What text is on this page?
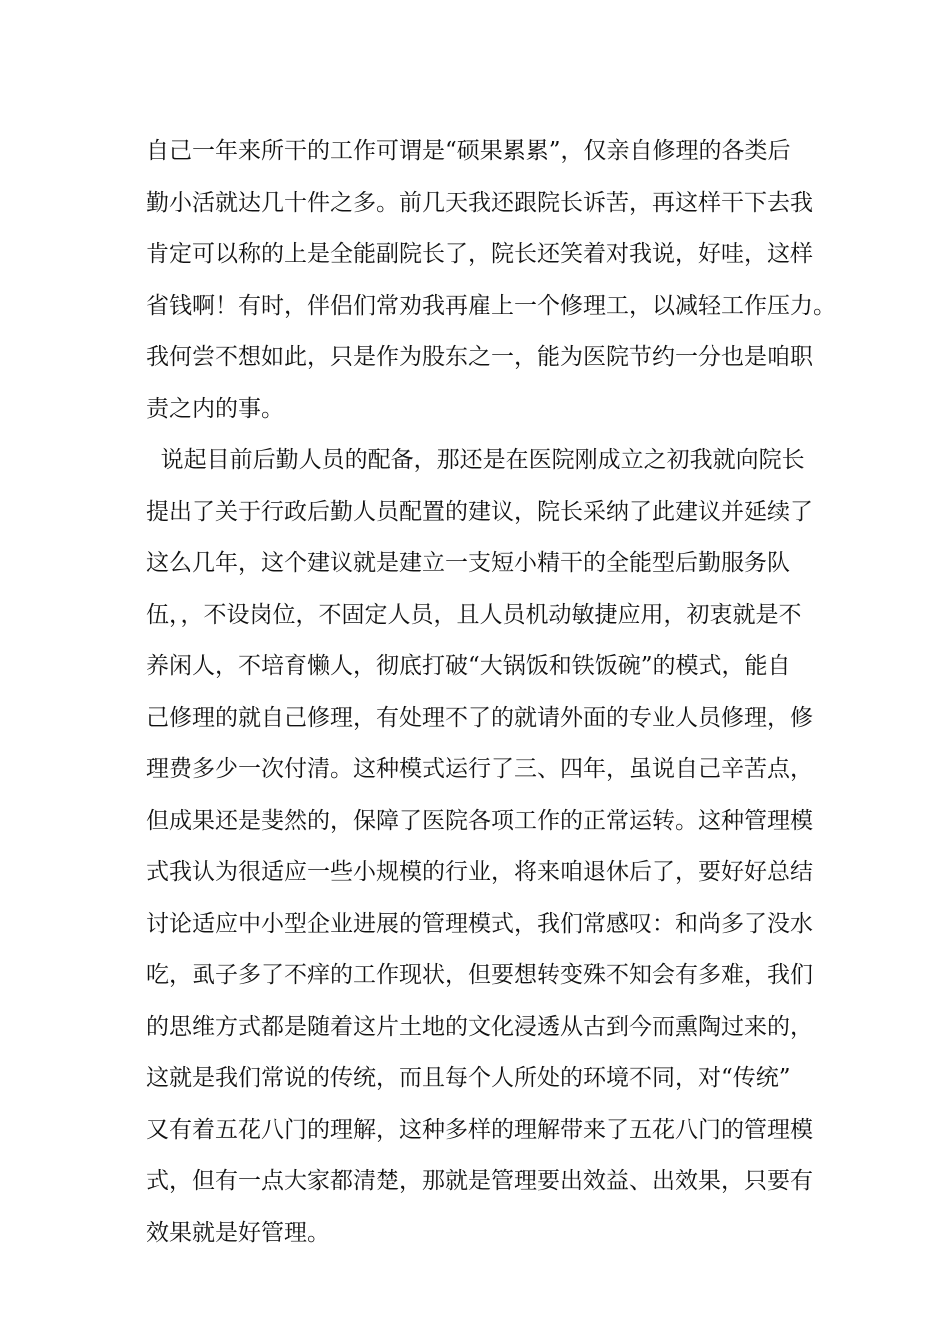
自己一年来所干的工作可谓是“硕果累累”，仅亲自修理的各类后
勤小活就达几十件之多。前几天我还跟院长诉苦，再这样干下去我
肯定可以称的上是全能副院长了，院长还笑着对我说，好哇，这样
省钱啊！有时，伴侣们常劝我再雇上一个修理工，以减轻工作压力。
我何尝不想如此，只是作为股东之一，能为医院节约一分也是咱职
责之内的事。
说起目前后勤人员的配备，那还是在医院刚成立之初我就向院长
提出了关于行政后勤人员配置的建议，院长采纳了此建议并延续了
这么几年，这个建议就是建立一支短小精干的全能型后勤服务队
伍，，不设岗位，不固定人员，且人员机动敏捷应用，初衷就是不
养闲人，不培育懒人，彻底打破“大锅饭和铁饭碗”的模式，能自
己修理的就自己修理，有处理不了的就请外面的专业人员修理，修
理费多少一次付清。这种模式运行了三、四年，虽说自己辛苦点，
但成果还是斐然的，保障了医院各项工作的正常运转。这种管理模
式我认为很适应一些小规模的行业，将来咱退休后了，要好好总结
讨论适应中小型企业进展的管理模式，我们常感叹：和尚多了没水
吃，虱子多了不痒的工作现状，但要想转变殊不知会有多难，我们
的思维方式都是随着这片土地的文化浸透从古到今而熏陶过来的，
这就是我们常说的传统，而且每个人所处的环境不同，对“传统”
又有着五花八门的理解，这种多样的理解带来了五花八门的管理模
式，但有一点大家都清楚，那就是管理要出效益、出效果，只要有
效果就是好管理。
